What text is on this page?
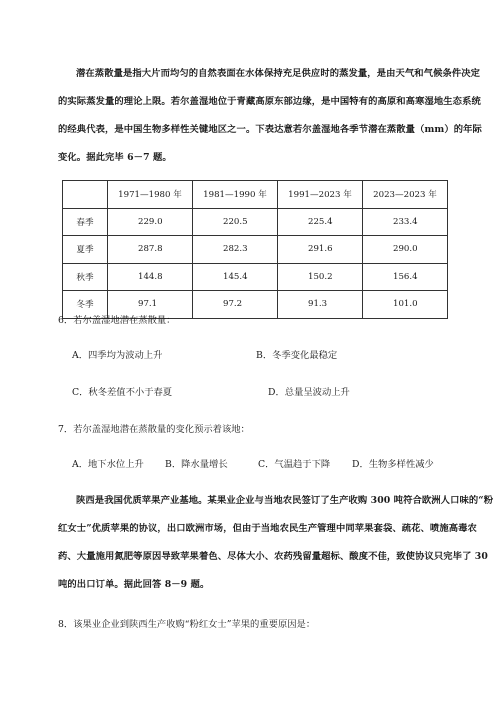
潜在蒸散量是指大片而均匀的自然表面在水体保持充足供应时的蒸发量，是由天气和气候条件决定
的实际蒸发量的理论上限。若尔盖湿地位于青藏高原东部边缘，是中国特有的高原和高寒湿地生态系统
的经典代表，是中国生物多样性关键地区之一。下表达意若尔盖湿地各季节潜在蒸散量（mm）的年际
变化。据此完毕 6－7 题。
	1971—1980 年	1981—1990 年	1991—2023 年	2023—2023 年
春季	229.0	220.5	225.4	233.4
夏季	287.8	282.3	291.6	290.0
秋季	144.8	145.4	150.2	156.4
冬季	97.1	97.2	91.3	101.0
6．若尔盖湿地潜在蒸散量：
A．四季均为波动上升	B．冬季变化最稳定
C．秋冬差值不小于春夏	D．总量呈波动上升
7．若尔盖湿地潜在蒸散量的变化预示着该地：
A．地下水位上升 B．降水量增长	C．气温趋于下降 D．生物多样性减少
陕西是我国优质苹果产业基地。某果业企业与当地农民签订了生产收购 300 吨符合欧洲人口味的“粉
红女士”优质苹果的协议，出口欧洲市场，但由于当地农民生产管理中同苹果套袋、疏花、喷施高毒农
药、大量施用氮肥等原因导致苹果着色、尽体大小、农药残留量超标、酸度不佳，致使协议只完毕了 30
吨的出口订单。据此回答 8－9 题。
8．该果业企业到陕西生产收购“粉红女士”苹果的重要原因是：
